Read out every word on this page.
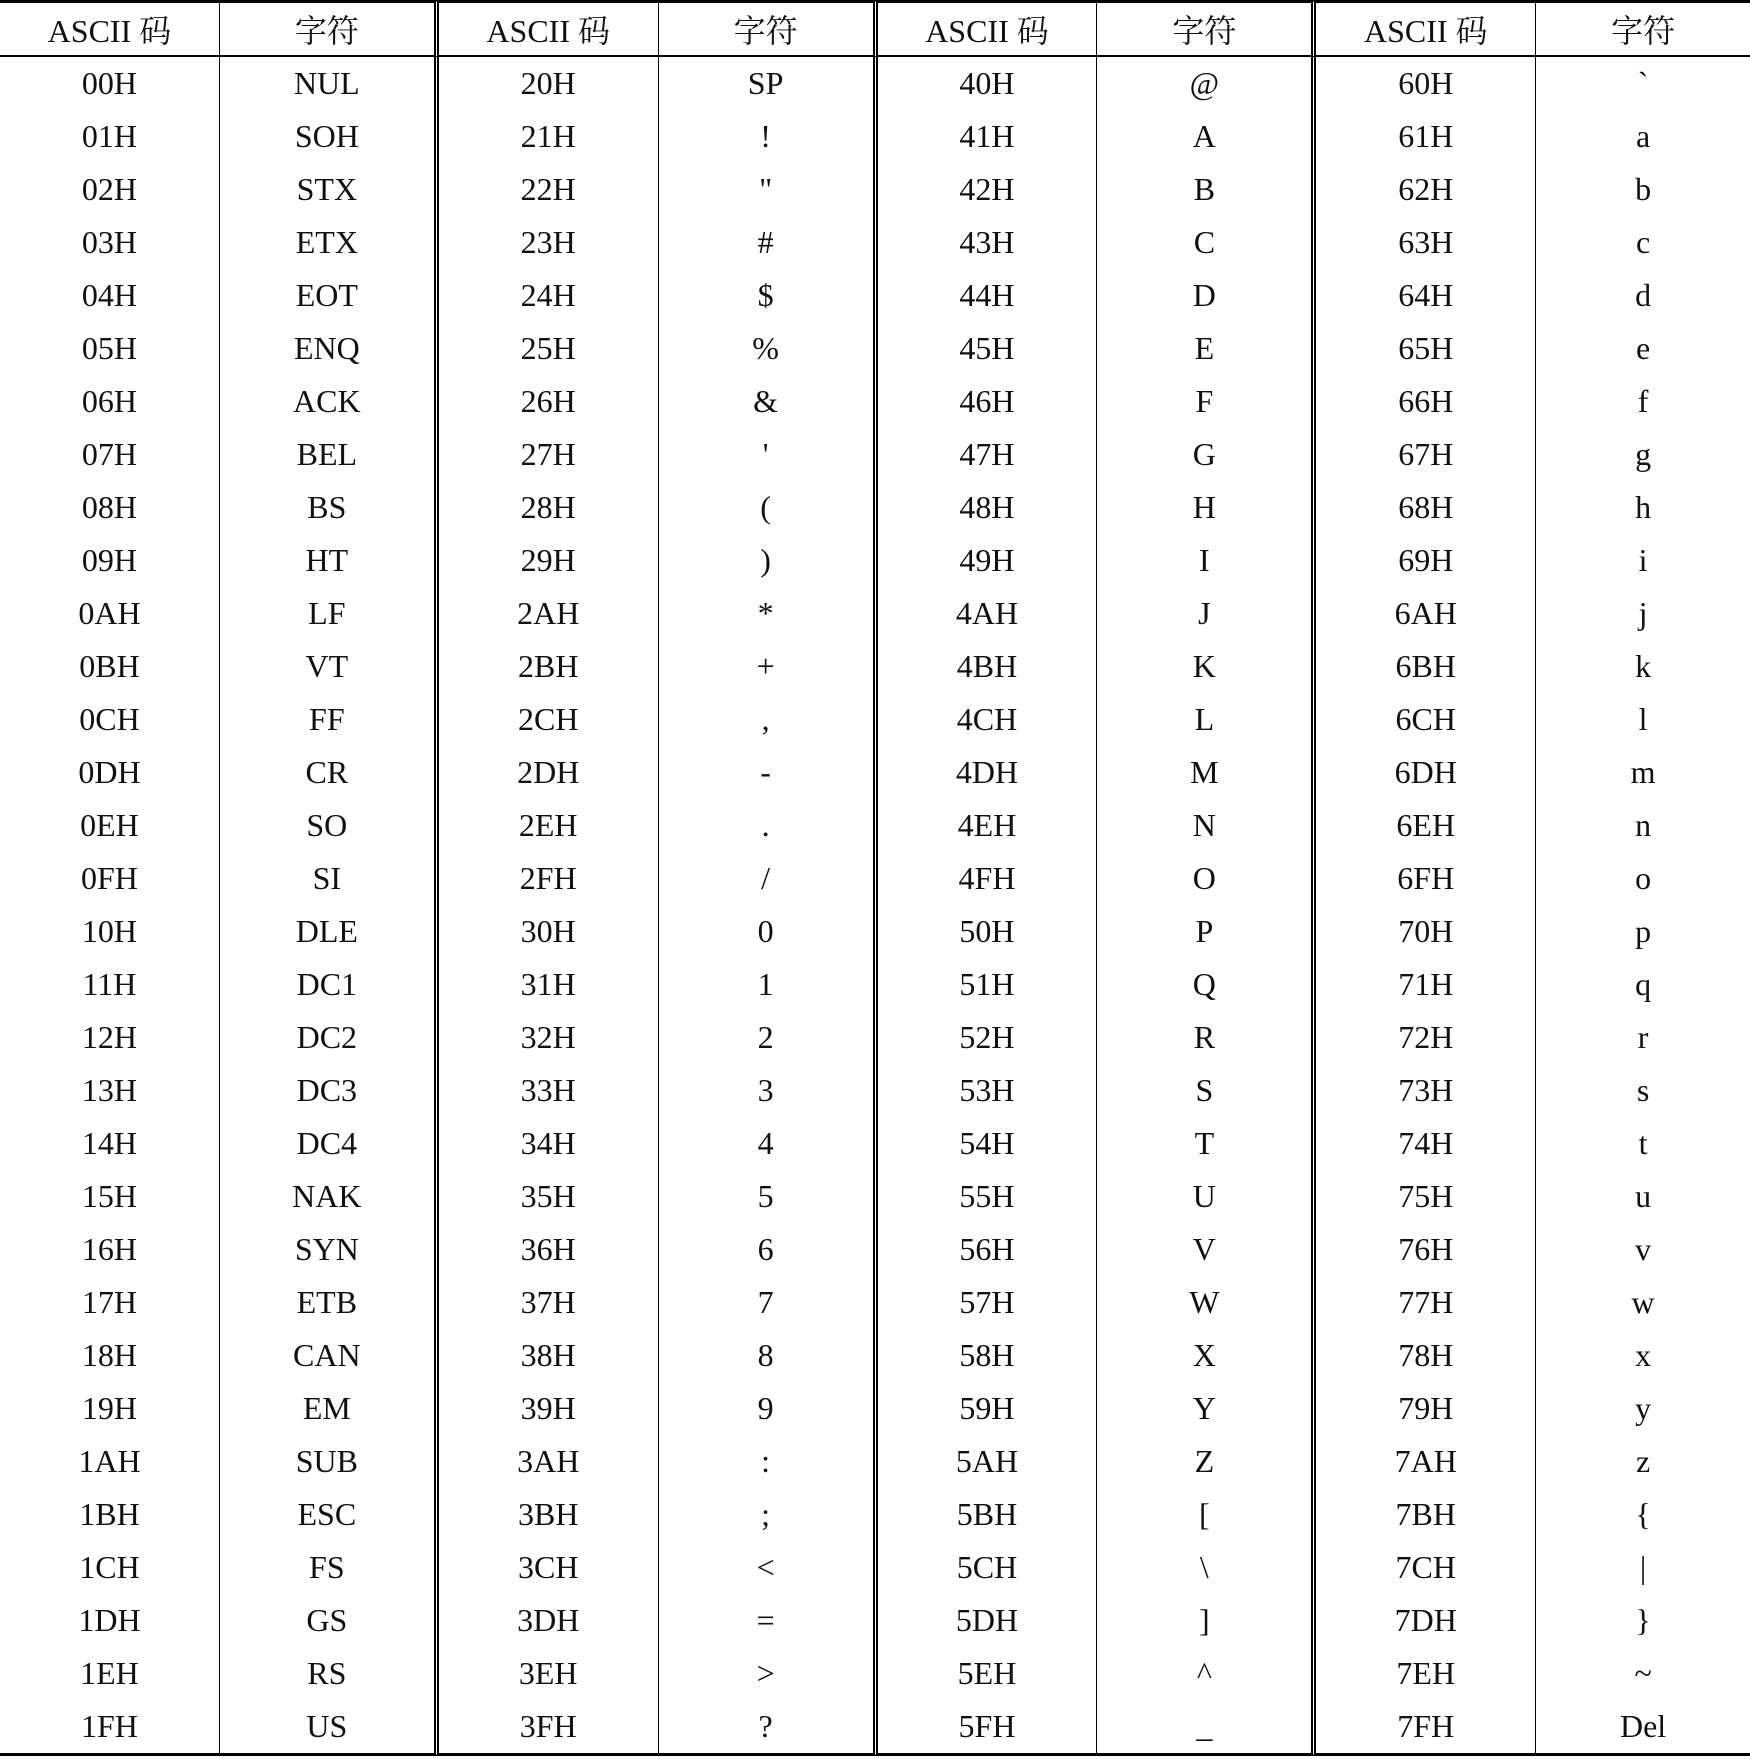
ASCII 码	字符	ASCII 码	字符	ASCII 码	字符	ASCII 码	字符
00H	NUL	20H	SP	40H	@	60H	`
01H	SOH	21H	!	41H	A	61H	a
02H	STX	22H	"	42H	B	62H	b
03H	ETX	23H	#	43H	C	63H	c
04H	EOT	24H	$	44H	D	64H	d
05H	ENQ	25H	%	45H	E	65H	e
06H	ACK	26H	&	46H	F	66H	f
07H	BEL	27H	'	47H	G	67H	g
08H	BS	28H	(	48H	H	68H	h
09H	HT	29H	)	49H	I	69H	i
0AH	LF	2AH	*	4AH	J	6AH	j
0BH	VT	2BH	+	4BH	K	6BH	k
0CH	FF	2CH	,	4CH	L	6CH	l
0DH	CR	2DH	-	4DH	M	6DH	m
0EH	SO	2EH	.	4EH	N	6EH	n
0FH	SI	2FH	/	4FH	O	6FH	o
10H	DLE	30H	0	50H	P	70H	p
11H	DC1	31H	1	51H	Q	71H	q
12H	DC2	32H	2	52H	R	72H	r
13H	DC3	33H	3	53H	S	73H	s
14H	DC4	34H	4	54H	T	74H	t
15H	NAK	35H	5	55H	U	75H	u
16H	SYN	36H	6	56H	V	76H	v
17H	ETB	37H	7	57H	W	77H	w
18H	CAN	38H	8	58H	X	78H	x
19H	EM	39H	9	59H	Y	79H	y
1AH	SUB	3AH	:	5AH	Z	7AH	z
1BH	ESC	3BH	;	5BH	[	7BH	{
1CH	FS	3CH	<	5CH	\	7CH	|
1DH	GS	3DH	=	5DH	]	7DH	}
1EH	RS	3EH	>	5EH	^	7EH	~
1FH	US	3FH	?	5FH	_	7FH	Del
